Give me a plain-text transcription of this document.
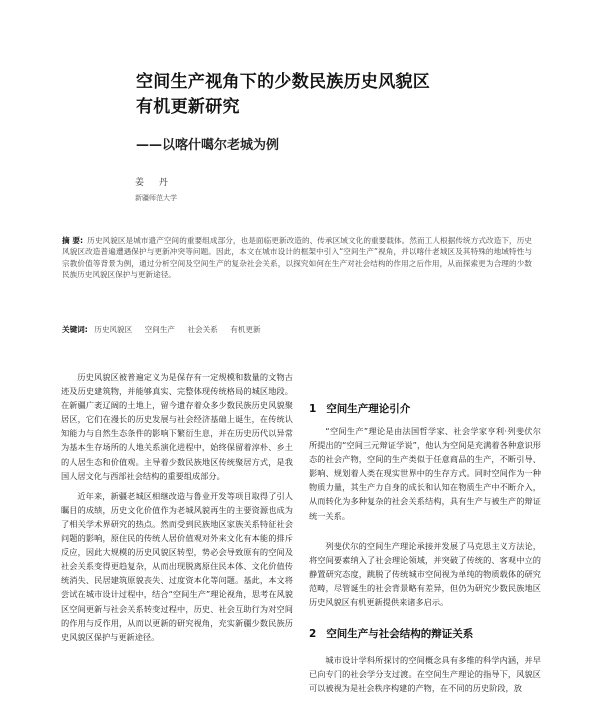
空间生产视角下的少数民族历史风貌区
有机更新研究
——以喀什噶尔老城为例
姜 丹
新疆师范大学
摘 要: 历史风貌区是城市遗产空间的重要组成部分，也是面临更新改造的、传承区域文化的重要载体。然而工人根据传统方式改造下，历史风貌区改造普遍遭遇保护与更新冲突等问题。因此，本文在城市设计的框架中引入“空间生产”视角，并以喀什老城区及其特殊的地域特性与宗教价值等背景为例，通过分析空间及空间生产的复杂社会关系，以探究如何在生产对社会结构的作用之后作用，从而探索更为合理的少数民族历史风貌区保护与更新途径。
关键词: 历史风貌区 空间生产 社会关系 有机更新

历史风貌区被普遍定义为是保存有一定规模和数量的文物古迹及历史建筑物，并能够真实、完整体现传统格局的城区地段。在新疆广袤辽阔的土地上，留今遗存着众多少数民族历史风貌聚居区，它们在漫长的历史发展与社会经济基础上诞生，在传统认知能力与自然生态条件的影响下繁衍生息，并在历史历代以异常为基本生存场所的人地关系演化进程中，始终保留着淳朴、乡土的人居生态和价值观。主导着少数民族地区传统聚居方式，是我国人居文化与西部社会结构的重要组成部分。

近年来，新疆老城区相继改造与鲁业开发等项目取得了引人瞩目的成绩，历史文化价值作为老城风貌再生的主要资源也成为了相关学术界研究的热点。然而受到民族地区家族关系特征社会问题的影响，原住民的传统人居价值观对外来文化有本能的排斥反应，因此大规模的历史风貌区转型，势必会导致原有的空间及社会关系变得更趋复杂，从而出现脱离原住民本体、文化价值传统消失、民居建筑原貌丧失、过度资本化等问题。基此，本文将尝试在城市设计过程中，结合“空间生产”理论视角，思考在风貌区空间更新与社会关系转变过程中，历史、社会互助行为对空间的作用与反作用，从而以更新的研究视角，充实新疆少数民族历史风貌区保护与更新途径。

1 空间生产理论引介

“空间生产”理论是由法国哲学家、社会学家亨利·列斐伏尔所提出的“空间三元辩证学说”，他认为空间是充满着各种意识形态的社会产物，空间的生产类似于任意商品的生产，不断引导、影响、规划着人类在现实世界中的生存方式。同时空间作为一种物质力量，其生产力自身的成长和认知在物质生产中不断介入，从而转化为多种复杂的社会关系结构，具有生产与被生产的辩证统一关系。

列斐伏尔的空间生产理论承接并发展了马克思主义方法论，将空间要素纳入了社会理论领域，并突破了传统的、客观中立的静置研究态度，跳脱了传统城市空间视为单纯的物质载体的研究范畴，尽管诞生的社会背景略有差异，但仍为研究少数民族地区历史风貌区有机更新提供来诸多启示。

2 空间生产与社会结构的辩证关系

城市设计学科所探讨的空间概念具有多维的科学内涵，并早已向专门的社会学分支过渡。在空间生产理论的指导下，风貌区可以被视为是社会秩序构建的产物，在不同的历史阶段，放
